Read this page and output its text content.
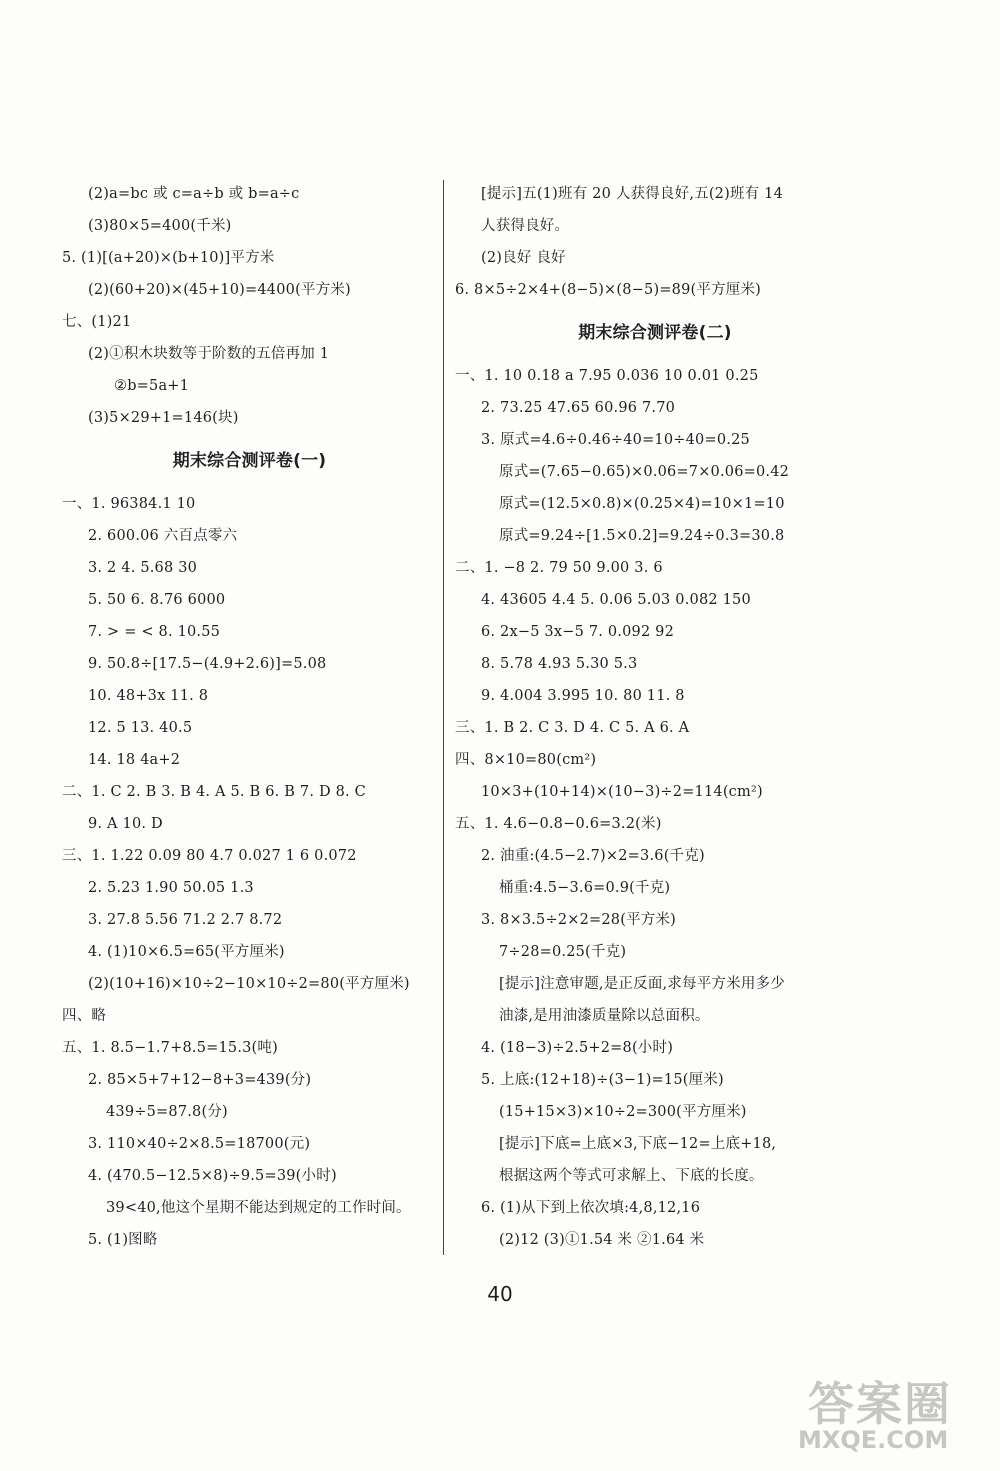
(2)a=bc 或 c=a÷b 或 b=a÷c
(3)80×5=400(千米)
5. (1)[(a+20)×(b+10)]平方米
(2)(60+20)×(45+10)=4400(平方米)
七、(1)21
(2)①积木块数等于阶数的五倍再加 1
②b=5a+1
(3)5×29+1=146(块)
期末综合测评卷(一)
一、1. 96384.1 10
2. 600.06 六百点零六
3. 2 4. 5.68 30
5. 50 6. 8.76 6000
7. > = < 8. 10.55
9. 50.8÷[17.5−(4.9+2.6)]=5.08
10. 48+3x 11. 8
12. 5 13. 40.5
14. 18 4a+2
二、1. C 2. B 3. B 4. A 5. B 6. B 7. D 8. C
9. A 10. D
三、1. 1.22 0.09 80 4.7 0.027 1 6 0.072
2. 5.23 1.90 50.05 1.3
3. 27.8 5.56 71.2 2.7 8.72
4. (1)10×6.5=65(平方厘米)
(2)(10+16)×10÷2−10×10÷2=80(平方厘米)
四、略
五、1. 8.5−1.7+8.5=15.3(吨)
2. 85×5+7+12−8+3=439(分)
439÷5=87.8(分)
3. 110×40÷2×8.5=18700(元)
4. (470.5−12.5×8)÷9.5=39(小时)
39<40,他这个星期不能达到规定的工作时间。
5. (1)图略
[提示]五(1)班有 20 人获得良好,五(2)班有 14
人获得良好。
(2)良好 良好
6. 8×5÷2×4+(8−5)×(8−5)=89(平方厘米)
期末综合测评卷(二)
一、1. 10 0.18 a 7.95 0.036 10 0.01 0.25
2. 73.25 47.65 60.96 7.70
3. 原式=4.6÷0.46÷40=10÷40=0.25
原式=(7.65−0.65)×0.06=7×0.06=0.42
原式=(12.5×0.8)×(0.25×4)=10×1=10
原式=9.24÷[1.5×0.2]=9.24÷0.3=30.8
二、1. −8 2. 79 50 9.00 3. 6
4. 43605 4.4 5. 0.06 5.03 0.082 150
6. 2x−5 3x−5 7. 0.092 92
8. 5.78 4.93 5.30 5.3
9. 4.004 3.995 10. 80 11. 8
三、1. B 2. C 3. D 4. C 5. A 6. A
四、8×10=80(cm²)
10×3+(10+14)×(10−3)÷2=114(cm²)
五、1. 4.6−0.8−0.6=3.2(米)
2. 油重:(4.5−2.7)×2=3.6(千克)
桶重:4.5−3.6=0.9(千克)
3. 8×3.5÷2×2=28(平方米)
7÷28=0.25(千克)
[提示]注意审题,是正反面,求每平方米用多少
油漆,是用油漆质量除以总面积。
4. (18−3)÷2.5+2=8(小时)
5. 上底:(12+18)÷(3−1)=15(厘米)
(15+15×3)×10÷2=300(平方厘米)
[提示]下底=上底×3,下底−12=上底+18,
根据这两个等式可求解上、下底的长度。
6. (1)从下到上依次填:4,8,12,16
(2)12 (3)①1.54 米 ②1.64 米
40
答案圈
MXQE.COM
